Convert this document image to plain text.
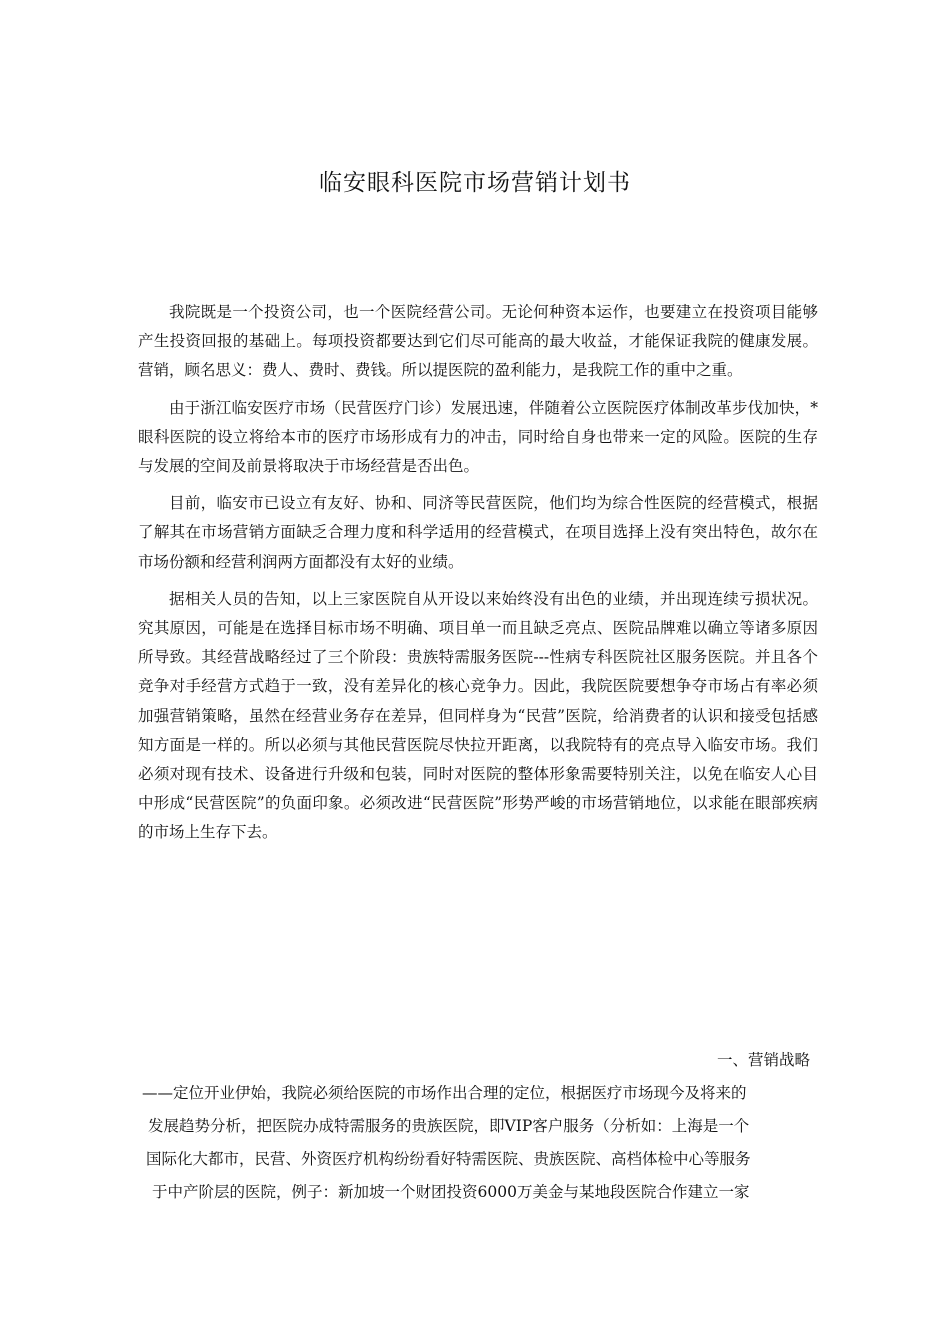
临安眼科医院市场营销计划书

我院既是一个投资公司，也一个医院经营公司。无论何种资本运作，也要建立在投资项目能够产生投资回报的基础上。每项投资都要达到它们尽可能高的最大收益，才能保证我院的健康发展。营销，顾名思义：费人、费时、费钱。所以提医院的盈利能力，是我院工作的重中之重。

由于浙江临安医疗市场（民营医疗门诊）发展迅速，伴随着公立医院医疗体制改革步伐加快，*眼科医院的设立将给本市的医疗市场形成有力的冲击，同时给自身也带来一定的风险。医院的生存与发展的空间及前景将取决于市场经营是否出色。

目前，临安市已设立有友好、协和、同济等民营医院，他们均为综合性医院的经营模式，根据了解其在市场营销方面缺乏合理力度和科学适用的经营模式，在项目选择上没有突出特色，故尔在市场份额和经营利润两方面都没有太好的业绩。

据相关人员的告知，以上三家医院自从开设以来始终没有出色的业绩，并出现连续亏损状况。究其原因，可能是在选择目标市场不明确、项目单一而且缺乏亮点、医院品牌难以确立等诸多原因所导致。其经营战略经过了三个阶段：贵族特需服务医院---性病专科医院社区服务医院。并且各个竞争对手经营方式趋于一致，没有差异化的核心竞争力。因此，我院医院要想争夺市场占有率必须加强营销策略，虽然在经营业务存在差异，但同样身为“民营”医院，给消费者的认识和接受包括感知方面是一样的。所以必须与其他民营医院尽快拉开距离，以我院特有的亮点导入临安市场。我们必须对现有技术、设备进行升级和包装，同时对医院的整体形象需要特别关注，以免在临安人心目中形成“民营医院”的负面印象。必须改进“民营医院”形势严峻的市场营销地位，以求能在眼部疾病的市场上生存下去。

一、营销战略
——定位开业伊始，我院必须给医院的市场作出合理的定位，根据医疗市场现今及将来的
发展趋势分析，把医院办成特需服务的贵族医院，即VIP客户服务（分析如：上海是一个
国际化大都市，民营、外资医疗机构纷纷看好特需医院、贵族医院、高档体检中心等服务
于中产阶层的医院，例子：新加坡一个财团投资6000万美金与某地段医院合作建立一家
